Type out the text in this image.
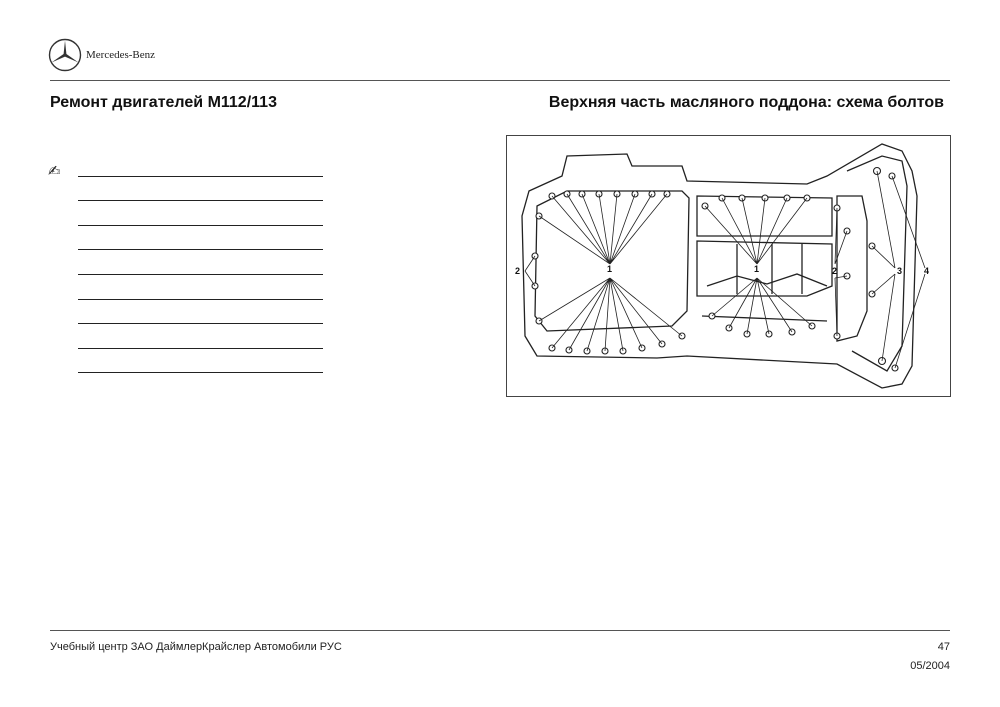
Mercedes-Benz
Ремонт двигателей M112/113	Верхняя часть масляного поддона: схема болтов
✍
1	1
2	2	3 4
Учебный центр ЗАО ДаймлерКрайслер Автомобили РУС	47
05/2004
